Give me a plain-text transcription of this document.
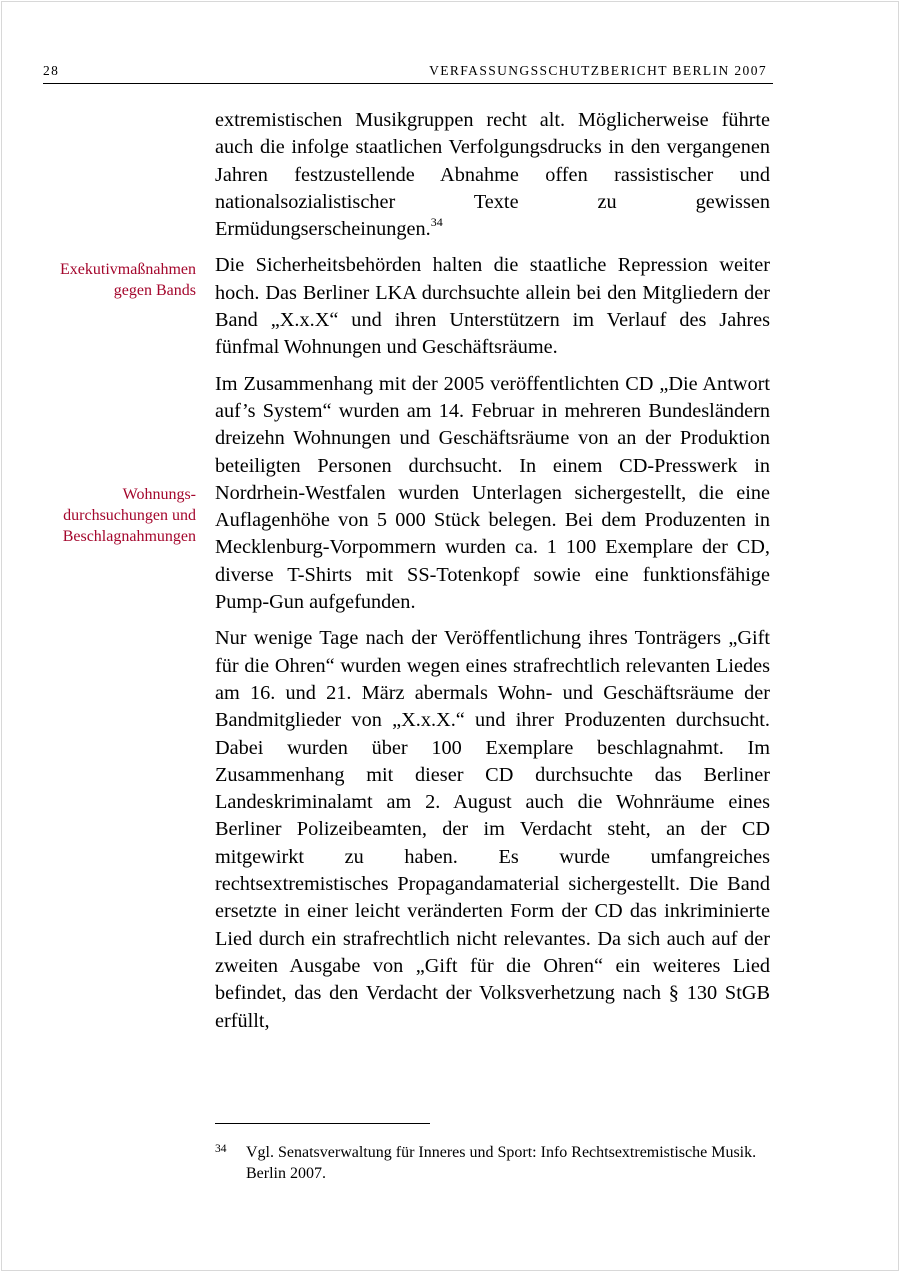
28	VERFASSUNGSSCHUTZBERICHT BERLIN 2007
Exekutivmaßnahmen gegen Bands
Wohnungs- durchsuchungen und Beschlagnahmungen

extremistischen Musikgruppen recht alt. Möglicherweise führte auch die infolge staatlichen Verfolgungsdrucks in den vergangenen Jahren festzustellende Abnahme offen rassistischer und nationalsozialistischer Texte zu gewissen Ermüdungserscheinungen.$^{34}$

Die Sicherheitsbehörden halten die staatliche Repression weiter hoch. Das Berliner LKA durchsuchte allein bei den Mitgliedern der Band „X.x.X“ und ihren Unterstützern im Verlauf des Jahres fünfmal Wohnungen und Geschäftsräume.

Im Zusammenhang mit der 2005 veröffentlichten CD „Die Antwort auf’s System“ wurden am 14. Februar in mehreren Bundesländern dreizehn Wohnungen und Geschäftsräume von an der Produktion beteiligten Personen durchsucht. In einem CD-Presswerk in Nordrhein-Westfalen wurden Unterlagen sichergestellt, die eine Auflagenhöhe von 5 000 Stück belegen. Bei dem Produzenten in Mecklenburg-Vorpommern wurden ca. 1 100 Exemplare der CD, diverse T-Shirts mit SS-Totenkopf sowie eine funktionsfähige Pump-Gun aufgefunden.

Nur wenige Tage nach der Veröffentlichung ihres Tonträgers „Gift für die Ohren“ wurden wegen eines strafrechtlich relevanten Liedes am 16. und 21. März abermals Wohn- und Geschäftsräume der Bandmitglieder von „X.x.X.“ und ihrer Produzenten durchsucht. Dabei wurden über 100 Exemplare beschlagnahmt. Im Zusammenhang mit dieser CD durchsuchte das Berliner Landeskriminalamt am 2. August auch die Wohnräume eines Berliner Polizeibeamten, der im Verdacht steht, an der CD mitgewirkt zu haben. Es wurde umfangreiches rechtsextremistisches Propagandamaterial sichergestellt. Die Band ersetzte in einer leicht veränderten Form der CD das inkriminierte Lied durch ein strafrechtlich nicht relevantes. Da sich auch auf der zweiten Ausgabe von „Gift für die Ohren“ ein weiteres Lied befindet, das den Verdacht der Volksverhetzung nach § 130 StGB erfüllt,

34	Vgl. Senatsverwaltung für Inneres und Sport: Info Rechtsextremistische Musik. Berlin 2007.
